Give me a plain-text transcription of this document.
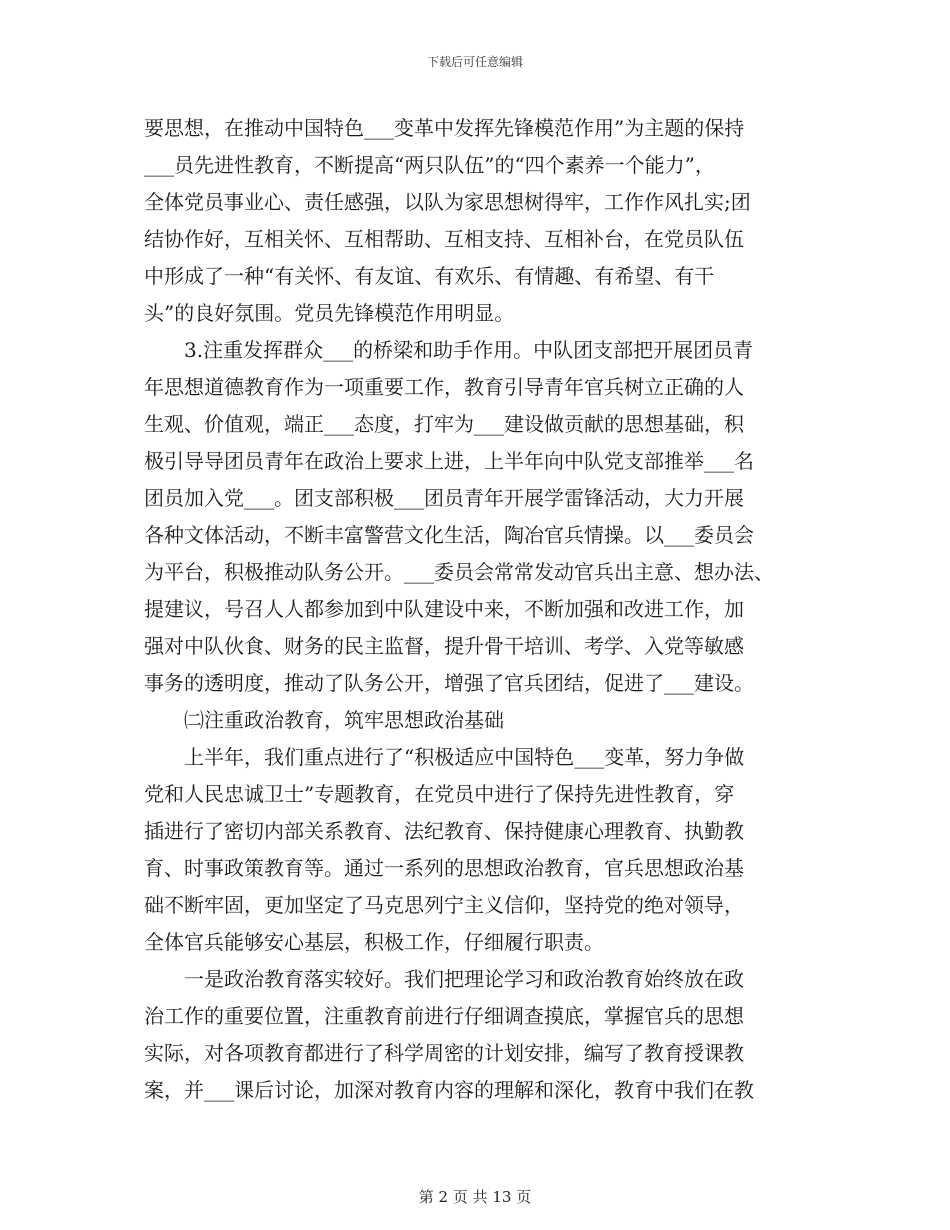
下载后可任意编辑
要思想，在推动中国特色___变革中发挥先锋模范作用”为主题的保持
___员先进性教育，不断提高“两只队伍”的“四个素养一个能力”，
全体党员事业心、责任感强，以队为家思想树得牢，工作作风扎实;团
结协作好，互相关怀、互相帮助、互相支持、互相补台，在党员队伍
中形成了一种“有关怀、有友谊、有欢乐、有情趣、有希望、有干
头”的良好氛围。党员先锋模范作用明显。
3.注重发挥群众___的桥梁和助手作用。中队团支部把开展团员青
年思想道德教育作为一项重要工作，教育引导青年官兵树立正确的人
生观、价值观，端正___态度，打牢为___建设做贡献的思想基础，积
极引导导团员青年在政治上要求上进，上半年向中队党支部推举___名
团员加入党___。团支部积极___团员青年开展学雷锋活动，大力开展
各种文体活动，不断丰富警营文化生活，陶冶官兵情操。以___委员会
为平台，积极推动队务公开。___委员会常常发动官兵出主意、想办法、
提建议，号召人人都参加到中队建设中来，不断加强和改进工作，加
强对中队伙食、财务的民主监督，提升骨干培训、考学、入党等敏感
事务的透明度，推动了队务公开，增强了官兵团结，促进了___建设。
㈡注重政治教育，筑牢思想政治基础
上半年，我们重点进行了“积极适应中国特色___变革，努力争做
党和人民忠诚卫士”专题教育，在党员中进行了保持先进性教育，穿
插进行了密切内部关系教育、法纪教育、保持健康心理教育、执勤教
育、时事政策教育等。通过一系列的思想政治教育，官兵思想政治基
础不断牢固，更加坚定了马克思列宁主义信仰，坚持党的绝对领导，
全体官兵能够安心基层，积极工作，仔细履行职责。
一是政治教育落实较好。我们把理论学习和政治教育始终放在政
治工作的重要位置，注重教育前进行仔细调查摸底，掌握官兵的思想
实际，对各项教育都进行了科学周密的计划安排，编写了教育授课教
案，并___课后讨论，加深对教育内容的理解和深化，教育中我们在教
第 2 页 共 13 页
